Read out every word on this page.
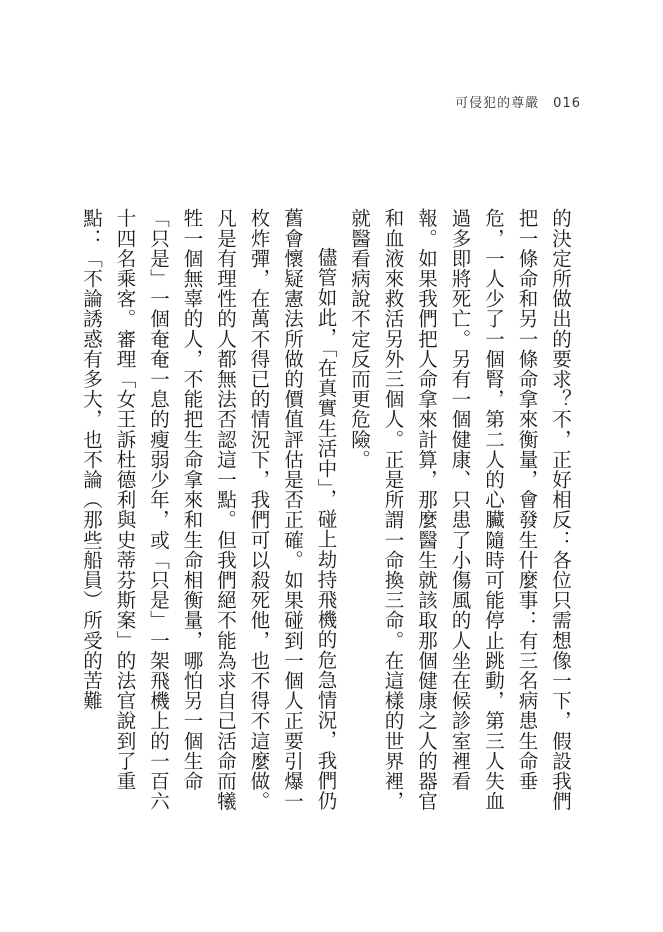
可侵犯的尊嚴 016

的決定所做出的要求？不，正好相反：各位只需想像一下，假設我們把一條命和另一條命拿來衡量，會發生什麼事：有三名病患生命垂危，一人少了一個腎，第二人的心臟隨時可能停止跳動，第三人失血過多即將死亡。另有一個健康、只患了小傷風的人坐在候診室裡看報。如果我們把人命拿來計算，那麼醫生就該取那個健康之人的器官和血液來救活另外三個人。正是所謂一命換三命。在這樣的世界裡，就醫看病說不定反而更危險。

儘管如此，「在真實生活中」，碰上劫持飛機的危急情況，我們仍舊會懷疑憲法所做的價值評估是否正確。如果碰到一個人正要引爆一枚炸彈，在萬不得已的情況下，我們可以殺死他，也不得不這麼做。凡是有理性的人都無法否認這一點。但我們絕不能為求自己活命而犧牲一個無辜的人，不能把生命拿來和生命相衡量，哪怕另一個生命「只是」一個奄奄一息的瘦弱少年，或「只是」一架飛機上的一百六十四名乘客。審理「女王訴杜德利與史蒂芬斯案」的法官說到了重點：「不論誘惑有多大，也不論（那些船員）所受的苦難
